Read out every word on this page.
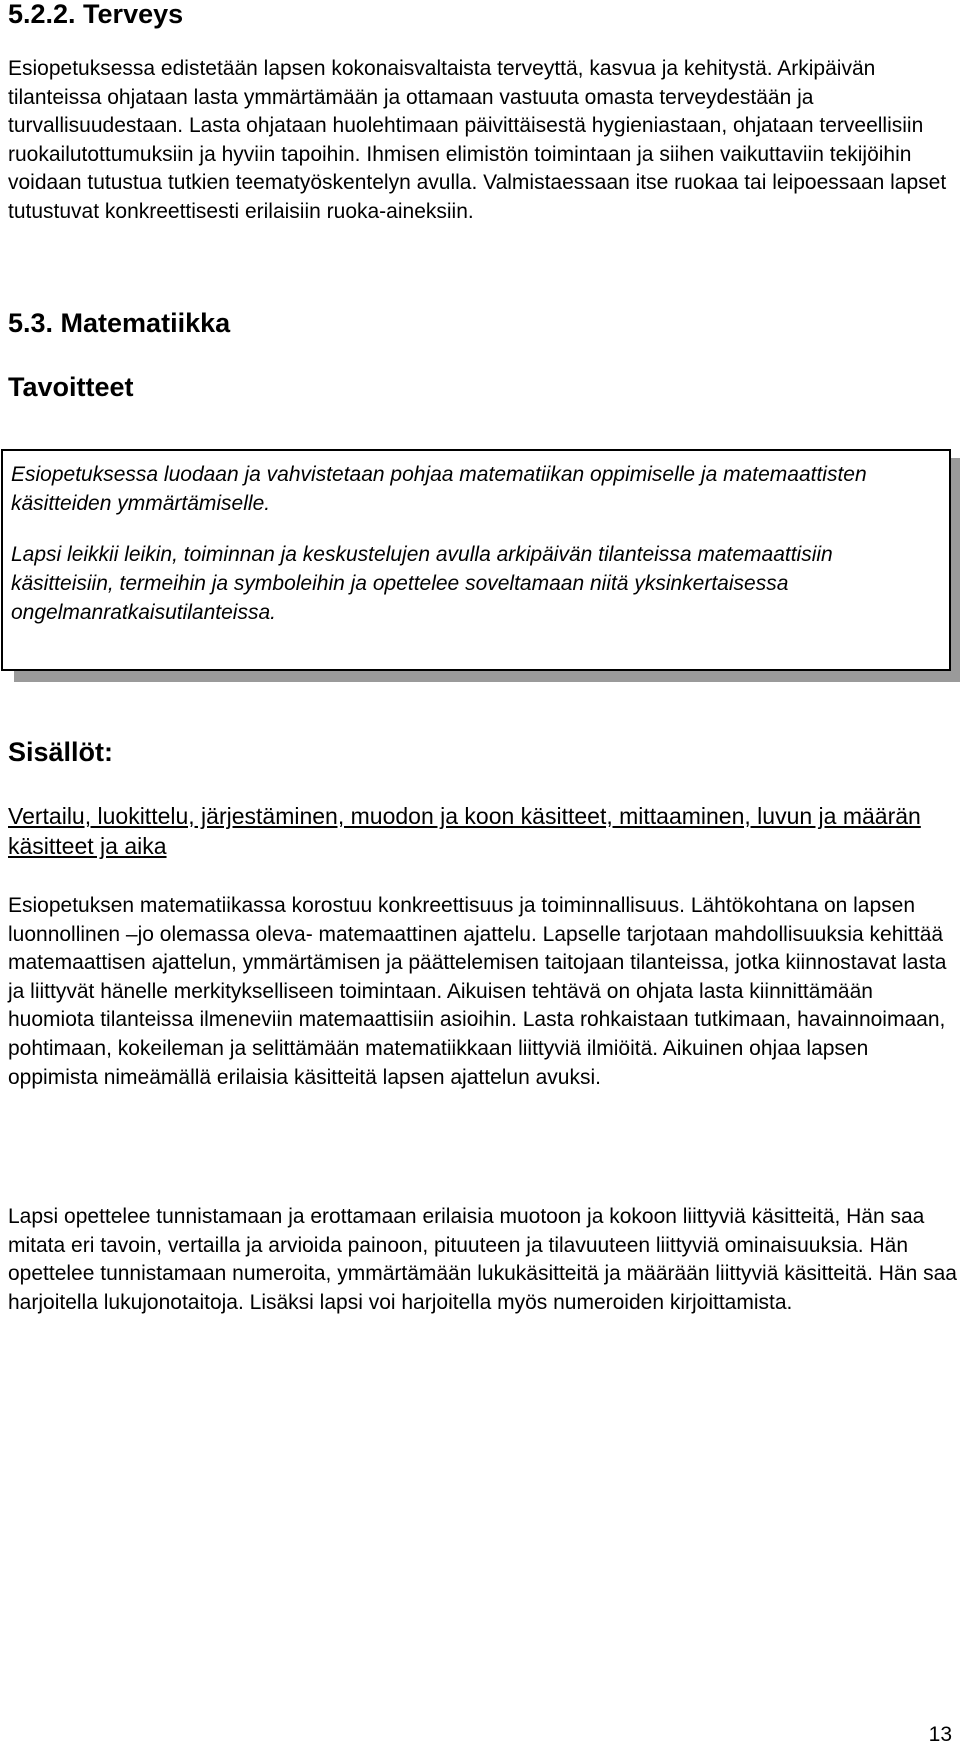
5.2.2. Terveys

Esiopetuksessa edistetään lapsen kokonaisvaltaista terveyttä, kasvua ja kehitystä. Arkipäivän tilanteissa ohjataan lasta ymmärtämään ja ottamaan vastuuta omasta terveydestään ja turvallisuudestaan. Lasta ohjataan huolehtimaan päivittäisestä hygieniastaan, ohjataan terveellisiin ruokailutottumuksiin ja hyviin tapoihin. Ihmisen elimistön toimintaan ja siihen vaikuttaviin tekijöihin voidaan tutustua tutkien teematyöskentelyn avulla. Valmistaessaan itse ruokaa tai leipoessaan lapset tutustuvat konkreettisesti erilaisiin ruoka-aineksiin.

5.3. Matematiikka
Tavoitteet

Esiopetuksessa luodaan ja vahvistetaan pohjaa matematiikan oppimiselle ja matemaattisten käsitteiden ymmärtämiselle.

Lapsi leikkii leikin, toiminnan ja keskustelujen avulla arkipäivän tilanteissa matemaattisiin käsitteisiin, termeihin ja symboleihin ja opettelee soveltamaan niitä yksinkertaisessa ongelmanratkaisutilanteissa.

Sisällöt:

Vertailu, luokittelu, järjestäminen, muodon ja koon käsitteet, mittaaminen, luvun ja määrän käsitteet ja aika

Esiopetuksen matematiikassa korostuu konkreettisuus ja toiminnallisuus. Lähtökohtana on lapsen luonnollinen –jo olemassa oleva- matemaattinen ajattelu. Lapselle tarjotaan mahdollisuuksia kehittää matemaattisen ajattelun, ymmärtämisen ja päättelemisen taitojaan tilanteissa, jotka kiinnostavat lasta ja liittyvät hänelle merkitykselliseen toimintaan. Aikuisen tehtävä on ohjata lasta kiinnittämään huomiota tilanteissa ilmeneviin matemaattisiin asioihin. Lasta rohkaistaan tutkimaan, havainnoimaan, pohtimaan, kokeileman ja selittämään matematiikkaan liittyviä ilmiöitä. Aikuinen ohjaa lapsen oppimista nimeämällä erilaisia käsitteitä lapsen ajattelun avuksi.

Lapsi opettelee tunnistamaan ja erottamaan erilaisia muotoon ja kokoon liittyviä käsitteitä, Hän saa mitata eri tavoin, vertailla ja arvioida painoon, pituuteen ja tilavuuteen liittyviä ominaisuuksia. Hän opettelee tunnistamaan numeroita, ymmärtämään lukukäsitteitä ja määrään liittyviä käsitteitä. Hän saa harjoitella lukujonotaitoja. Lisäksi lapsi voi harjoitella myös numeroiden kirjoittamista.

13
